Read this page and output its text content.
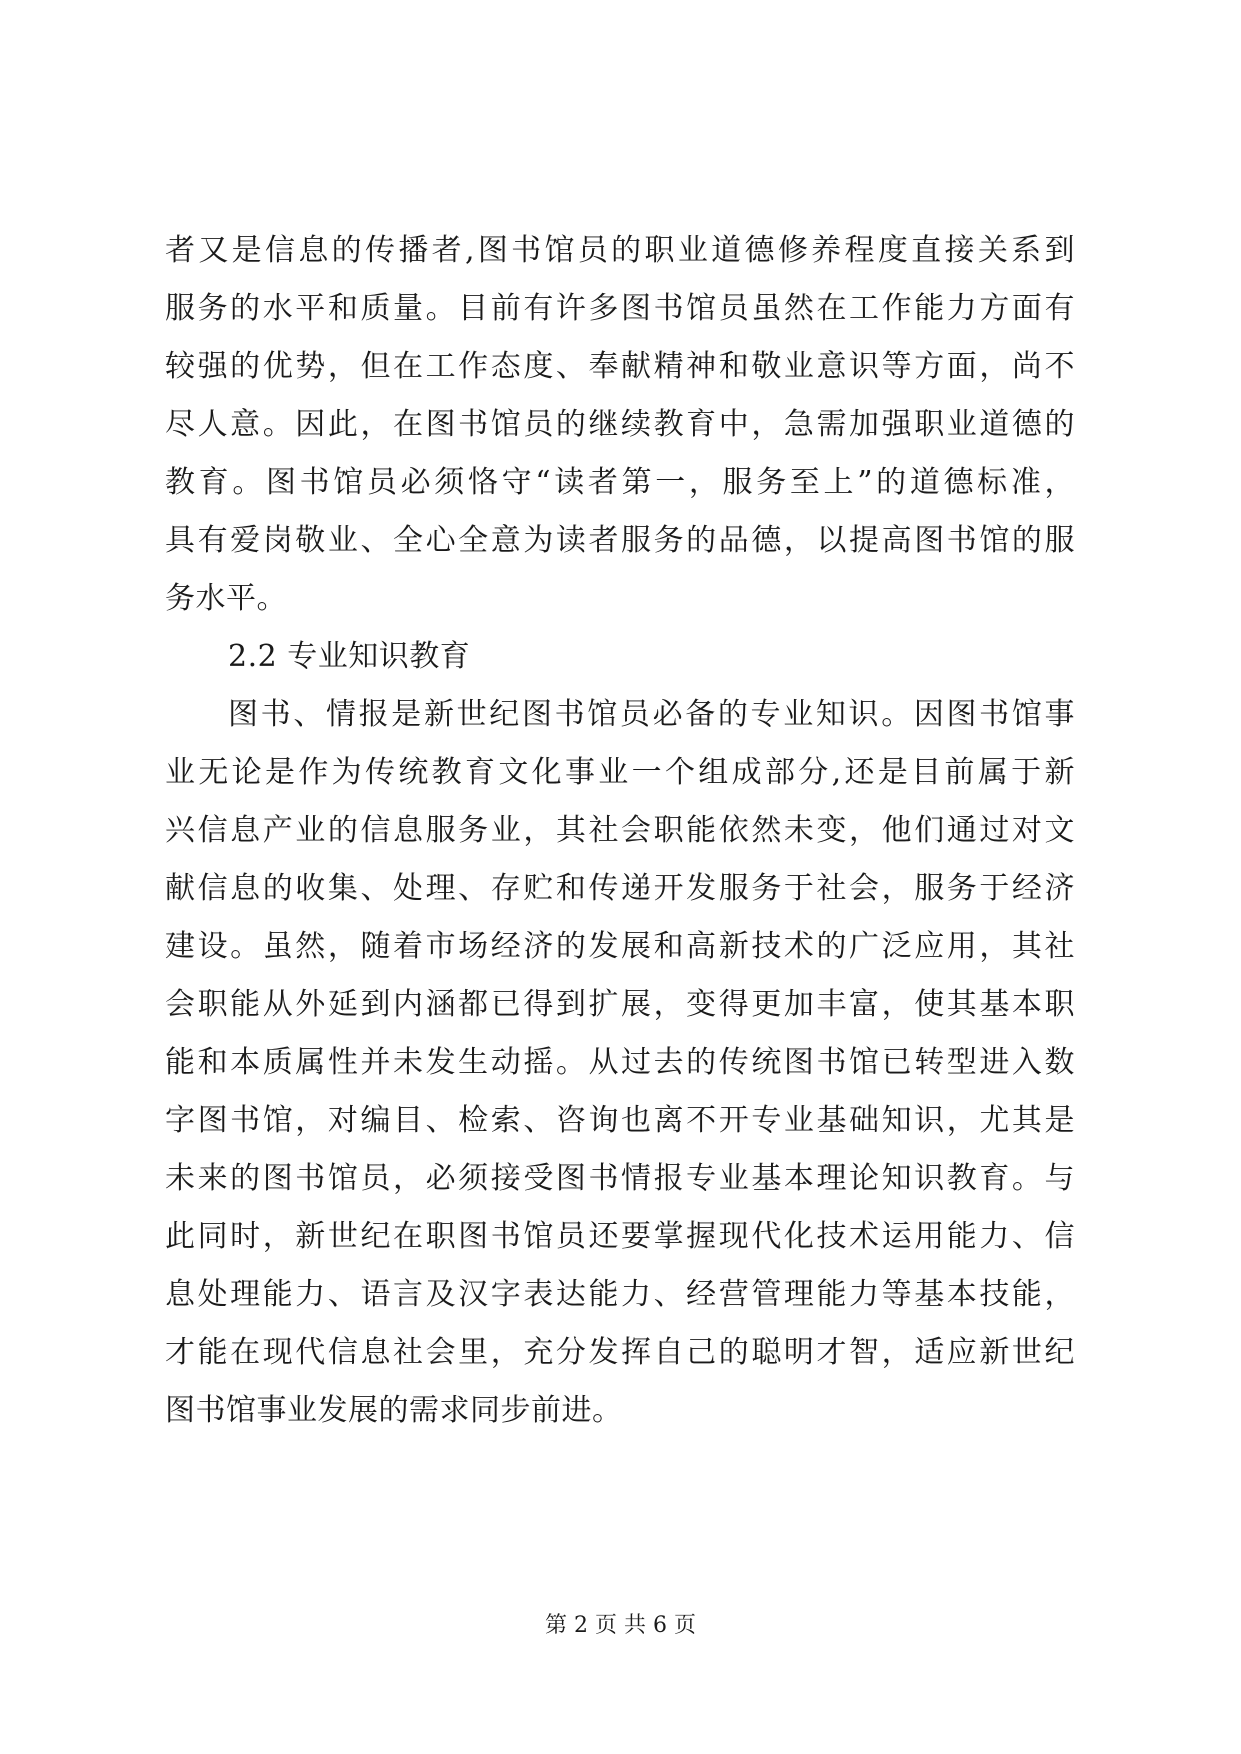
者又是信息的传播者,图书馆员的职业道德修养程度直接关系到
服务的水平和质量。目前有许多图书馆员虽然在工作能力方面有
较强的优势，但在工作态度、奉献精神和敬业意识等方面，尚不
尽人意。因此，在图书馆员的继续教育中，急需加强职业道德的
教育。图书馆员必须恪守“读者第一，服务至上”的道德标准，
具有爱岗敬业、全心全意为读者服务的品德，以提高图书馆的服
务水平。
2.2 专业知识教育
图书、情报是新世纪图书馆员必备的专业知识。因图书馆事
业无论是作为传统教育文化事业一个组成部分,还是目前属于新
兴信息产业的信息服务业，其社会职能依然未变，他们通过对文
献信息的收集、处理、存贮和传递开发服务于社会，服务于经济
建设。虽然，随着市场经济的发展和高新技术的广泛应用，其社
会职能从外延到内涵都已得到扩展，变得更加丰富，使其基本职
能和本质属性并未发生动摇。从过去的传统图书馆已转型进入数
字图书馆，对编目、检索、咨询也离不开专业基础知识，尤其是
未来的图书馆员，必须接受图书情报专业基本理论知识教育。与
此同时，新世纪在职图书馆员还要掌握现代化技术运用能力、信
息处理能力、语言及汉字表达能力、经营管理能力等基本技能，
才能在现代信息社会里，充分发挥自己的聪明才智，适应新世纪
图书馆事业发展的需求同步前进。
第 2 页 共 6 页
